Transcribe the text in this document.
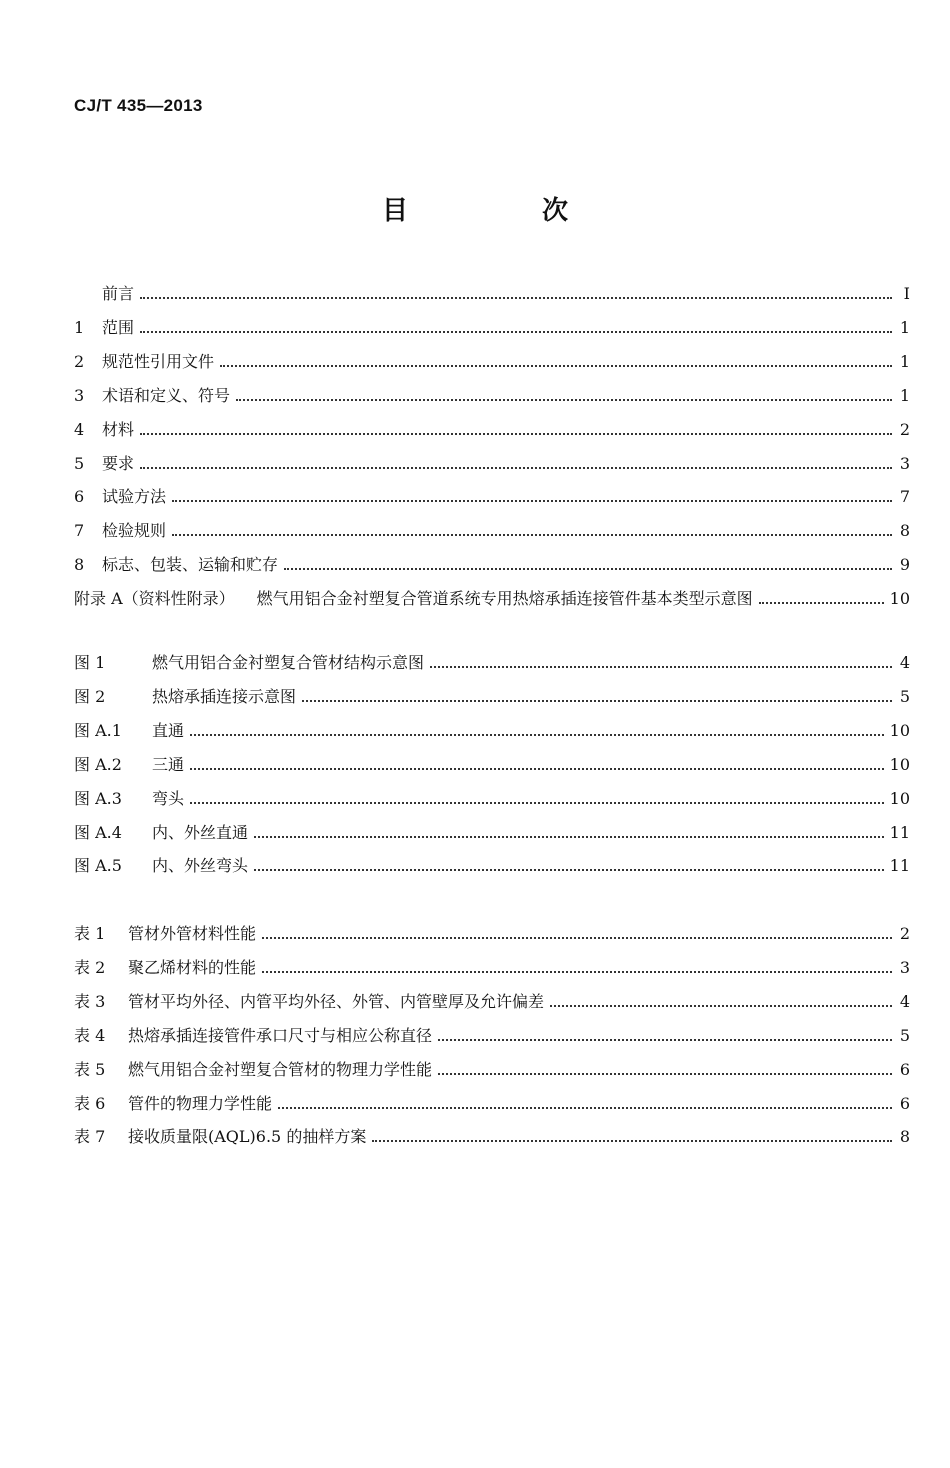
CJ/T 435—2013
目　次
前言	Ⅰ
1	范围	1
2	规范性引用文件	1
3	术语和定义、符号	1
4	材料	2
5	要求	3
6	试验方法	7
7	检验规则	8
8	标志、包装、运输和贮存	9
附录 A（资料性附录） 燃气用铝合金衬塑复合管道系统专用热熔承插连接管件基本类型示意图	10
图 1	燃气用铝合金衬塑复合管材结构示意图	4
图 2	热熔承插连接示意图	5
图 A.1	直通	10
图 A.2	三通	10
图 A.3	弯头	10
图 A.4	内、外丝直通	11
图 A.5	内、外丝弯头	11
表 1	管材外管材料性能	2
表 2	聚乙烯材料的性能	3
表 3	管材平均外径、内管平均外径、外管、内管壁厚及允许偏差	4
表 4	热熔承插连接管件承口尺寸与相应公称直径	5
表 5	燃气用铝合金衬塑复合管材的物理力学性能	6
表 6	管件的物理力学性能	6
表 7	接收质量限(AQL)6.5 的抽样方案	8
